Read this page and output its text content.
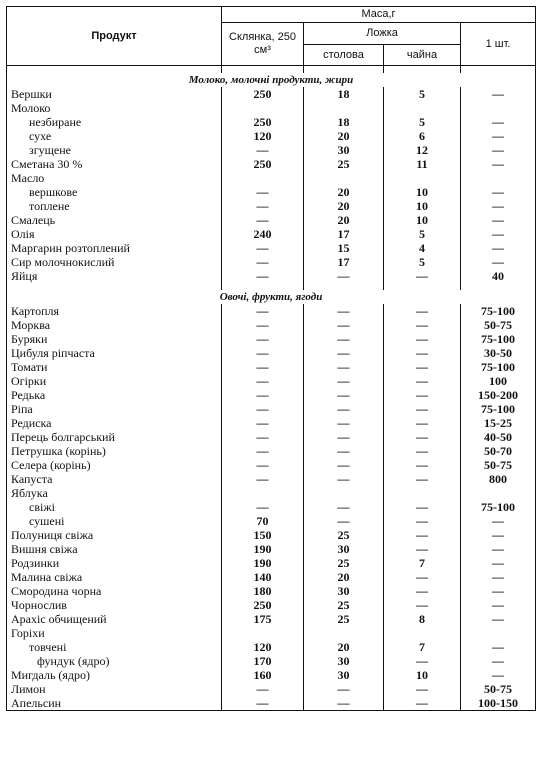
Продукт	Маса,г			
	Склянка, 250 см³	Ложка		1 шт.
		столова	чайна	

Молоко, молочні продукти, жири				
Вершки	250	18	5	—
Молоко				
незбиране	250	18	5	—
сухе	120	20	6	—
згущене	—	30	12	—
Сметана 30 %	250	25	11	—
Масло				
вершкове	—	20	10	—
топлене	—	20	10	—
Смалець	—	20	10	—
Олія	240	17	5	—
Маргарин розтоплений	—	15	4	—
Сир молочнокислий	—	17	5	—
Яйця	—	—	—	40

Овочі, фрукти, ягоди				
Картопля	—	—	—	75-100
Морква	—	—	—	50-75
Буряки	—	—	—	75-100
Цибуля ріпчаста	—	—	—	30-50
Томати	—	—	—	75-100
Огірки	—	—	—	100
Редька	—	—	—	150-200
Ріпа	—	—	—	75-100
Редиска	—	—	—	15-25
Перець болгарський	—	—	—	40-50
Петрушка (корінь)	—	—	—	50-70
Селера (корінь)	—	—	—	50-75
Капуста	—	—	—	800
Яблука				
свіжі	—	—	—	75-100
сушені	70	—	—	—
Полуниця свіжа	150	25	—	—
Вишня свіжа	190	30	—	—
Родзинки	190	25	7	—
Малина свіжа	140	20	—	—
Смородина чорна	180	30	—	—
Чорнослив	250	25	—	—
Арахіс обчищений	175	25	8	—
Горіхи				
товчені	120	20	7	—
фундук (ядро)	170	30	—	—
Мигдаль (ядро)	160	30	10	—
Лимон	—	—	—	50-75
Апельсин	—	—	—	100-150
